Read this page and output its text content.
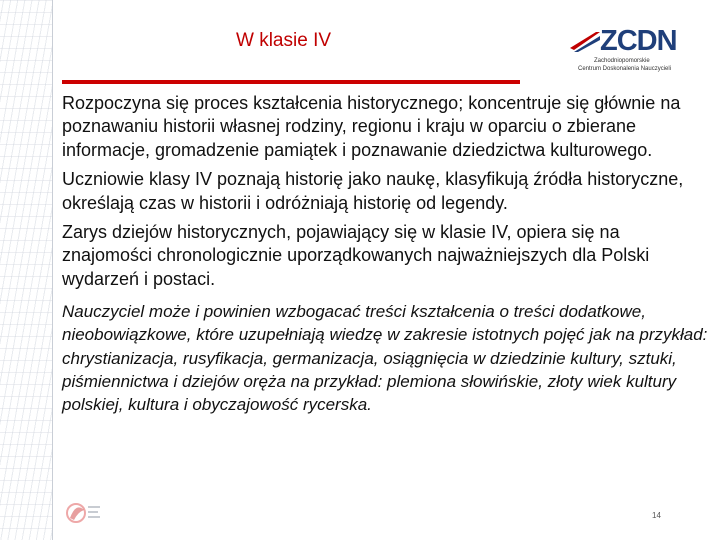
W klasie IV	ZCDN
Zachodniopomorskie
Centrum Doskonalenia Nauczycieli

Rozpoczyna się proces kształcenia historycznego; koncentruje się głównie na poznawaniu historii własnej rodziny, regionu i kraju w oparciu o zbierane informacje, gromadzenie pamiątek i poznawanie dziedzictwa kulturowego.

Uczniowie klasy IV poznają historię jako naukę, klasyfikują źródła historyczne, określają czas w historii i odróżniają historię od legendy.

Zarys dziejów historycznych, pojawiający się w klasie IV, opiera się na znajomości chronologicznie uporządkowanych najważniejszych dla Polski wydarzeń i postaci.

Nauczyciel może i powinien wzbogacać treści kształcenia o treści dodatkowe, nieobowiązkowe, które uzupełniają wiedzę w zakresie istotnych pojęć jak na przykład: chrystianizacja, rusyfikacja, germanizacja, osiągnięcia w dziedzinie kultury, sztuki, piśmiennictwa i dziejów oręża na przykład: plemiona słowińskie, złoty wiek kultury polskiej, kultura i obyczajowość rycerska.

14
